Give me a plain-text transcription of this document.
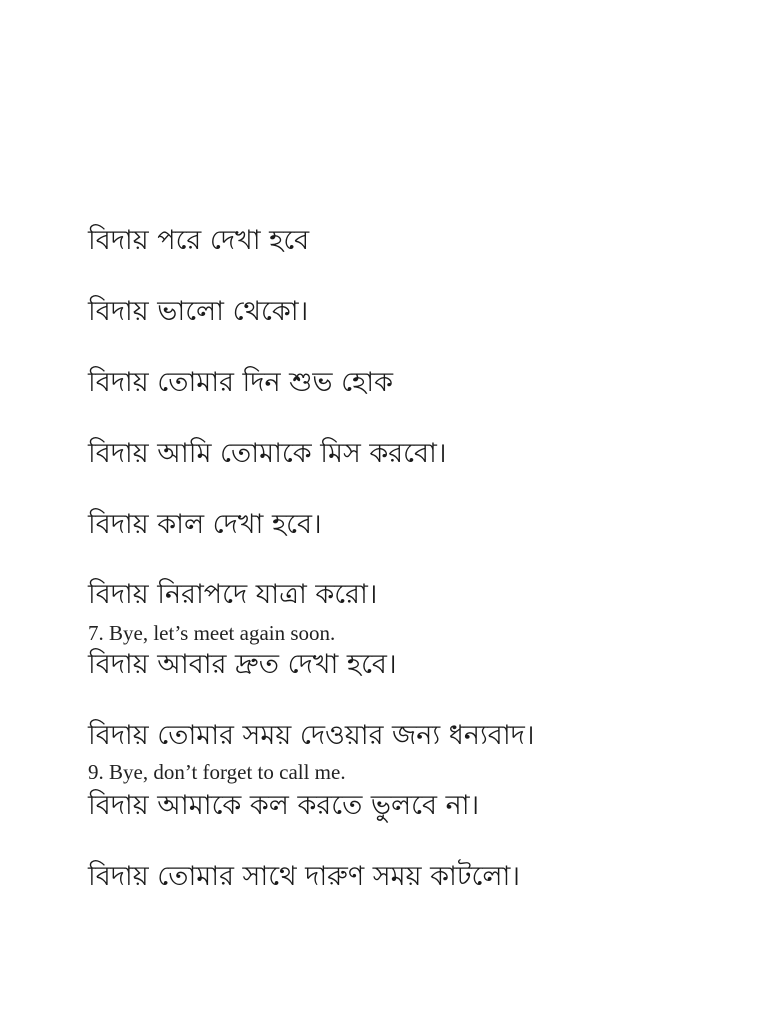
বিদায় পরে দেখা হবে

বিদায় ভালো থেকো।

বিদায় তোমার দিন শুভ হোক

বিদায় আমি তোমাকে মিস করবো।

বিদায় কাল দেখা হবে।

বিদায় নিরাপদে যাত্রা করো।

7. Bye, let’s meet again soon.

বিদায় আবার দ্রুত দেখা হবে।

বিদায় তোমার সময় দেওয়ার জন্য ধন্যবাদ।

9. Bye, don’t forget to call me.

বিদায় আমাকে কল করতে ভুলবে না।

বিদায় তোমার সাথে দারুণ সময় কাটলো।
